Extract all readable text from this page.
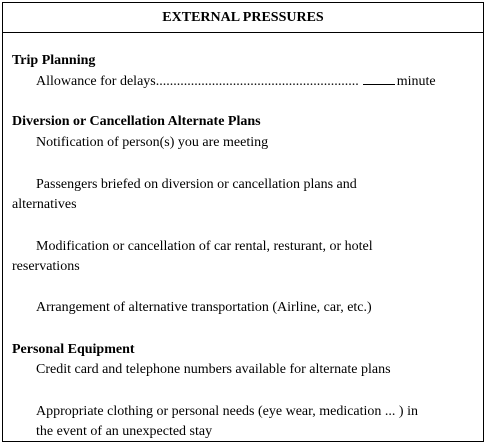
EXTERNAL PRESSURES
Trip Planning
Allowance for delays..........................................................	minute
Diversion or Cancellation Alternate Plans
Notification of person(s) you are meeting
Passengers briefed on diversion or cancellation plans and
alternatives
Modification or cancellation of car rental, resturant, or hotel
reservations
Arrangement of alternative transportation (Airline, car, etc.)
Personal Equipment
Credit card and telephone numbers available for alternate plans
Appropriate clothing or personal needs (eye wear, medication ... ) in
the event of an unexpected stay
